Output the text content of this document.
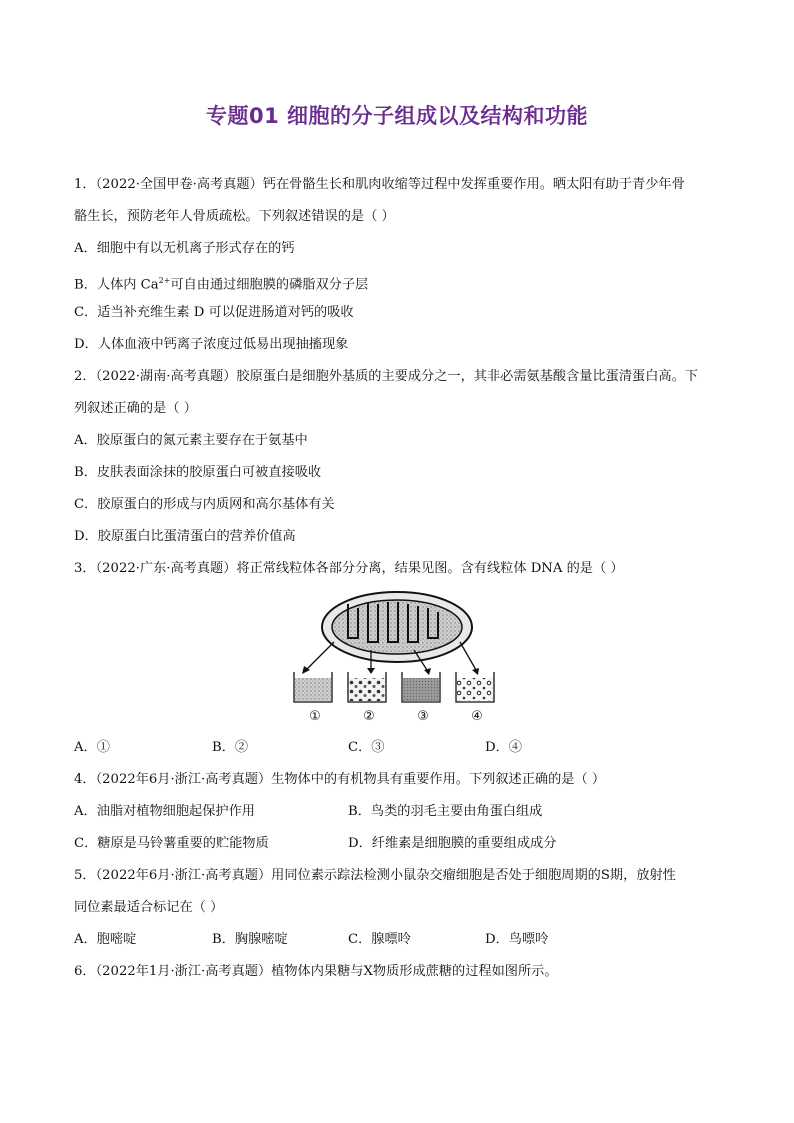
专题01 细胞的分子组成以及结构和功能
1．（2022·全国甲卷·高考真题）钙在骨骼生长和肌肉收缩等过程中发挥重要作用。晒太阳有助于青少年骨
骼生长，预防老年人骨质疏松。下列叙述错误的是（ ）
A．细胞中有以无机离子形式存在的钙
B．人体内 $Ca^{2+}$可自由通过细胞膜的磷脂双分子层
C．适当补充维生素 D 可以促进肠道对钙的吸收
D．人体血液中钙离子浓度过低易出现抽搐现象
2．（2022·湖南·高考真题）胶原蛋白是细胞外基质的主要成分之一，其非必需氨基酸含量比蛋清蛋白高。下
列叙述正确的是（ ）
A．胶原蛋白的氮元素主要存在于氨基中
B．皮肤表面涂抹的胶原蛋白可被直接吸收
C．胶原蛋白的形成与内质网和高尔基体有关
D．胶原蛋白比蛋清蛋白的营养价值高
3．（2022·广东·高考真题）将正常线粒体各部分分离，结果见图。含有线粒体 DNA 的是（ ）
①	②	③	④
A．①	B．②	C．③	D．④
4．（2022年6月·浙江·高考真题）生物体中的有机物具有重要作用。下列叙述正确的是（ ）
A．油脂对植物细胞起保护作用	B．鸟类的羽毛主要由角蛋白组成
C．糖原是马铃薯重要的贮能物质	D．纤维素是细胞膜的重要组成成分
5．（2022年6月·浙江·高考真题）用同位素示踪法检测小鼠杂交瘤细胞是否处于细胞周期的S期，放射性
同位素最适合标记在（ ）
A．胞嘧啶	B．胸腺嘧啶	C．腺嘌呤	D．鸟嘌呤
6．（2022年1月·浙江·高考真题）植物体内果糖与X物质形成蔗糖的过程如图所示。
